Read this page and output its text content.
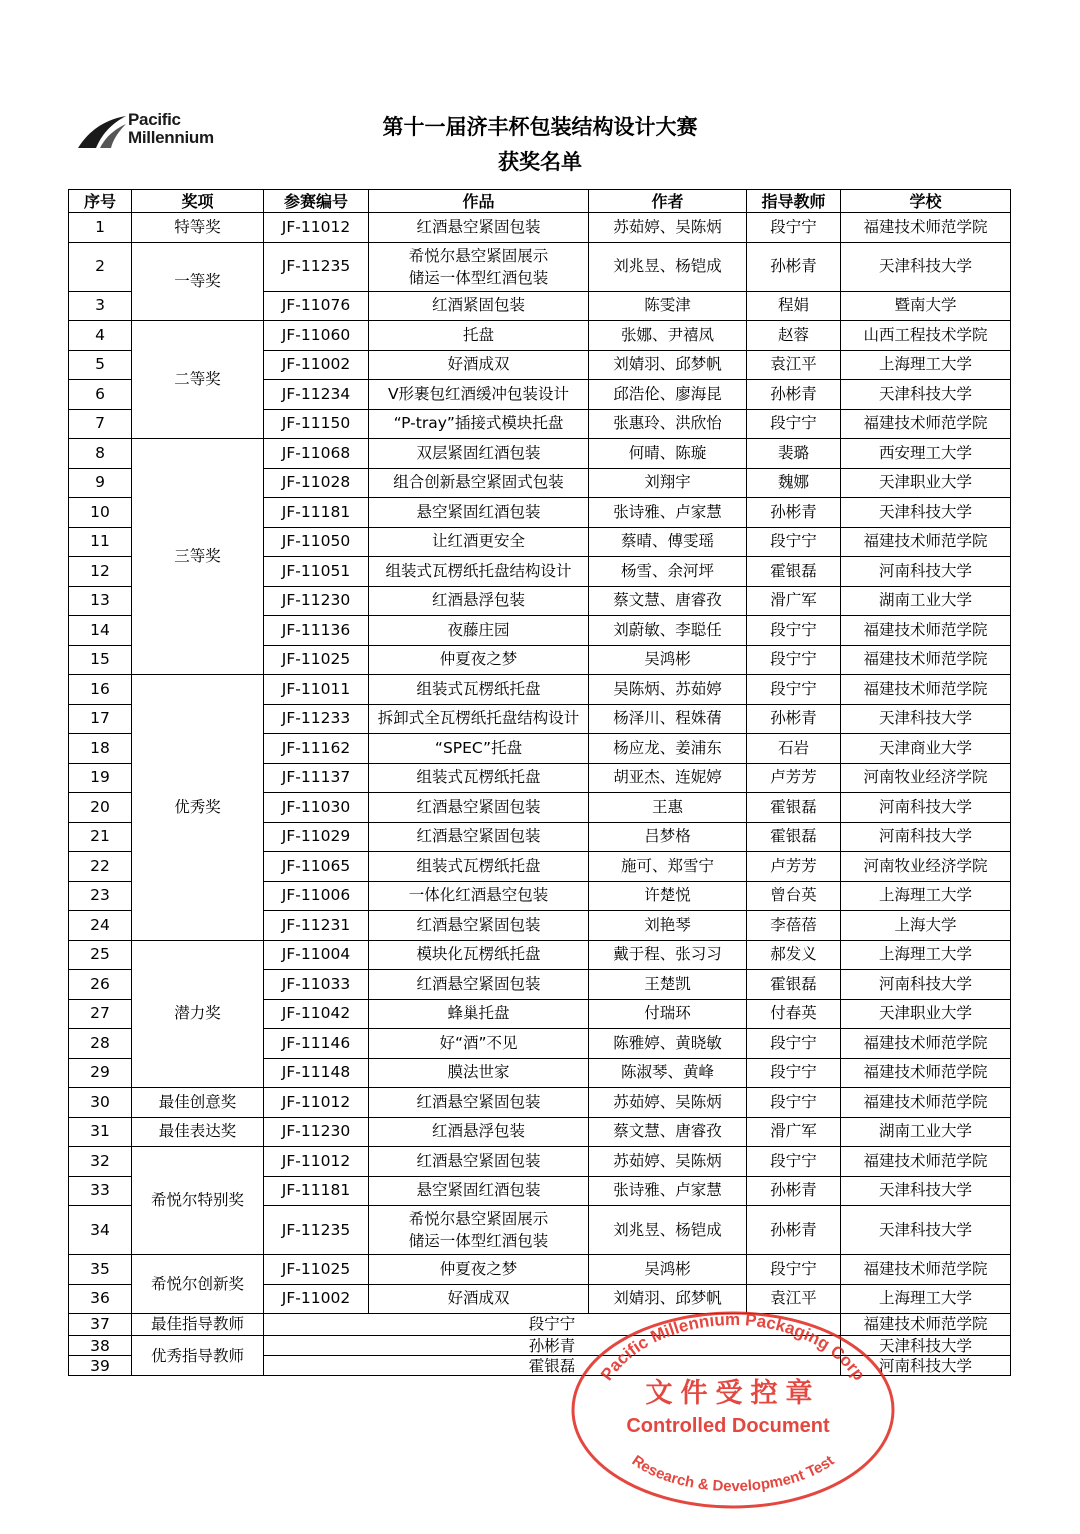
Pacific
Millennium	第十一届济丰杯包装结构设计大赛
获奖名单
序号	奖项	参赛编号	作品	作者	指导教师	学校
1	特等奖	JF-11012	红酒悬空紧固包装	苏茹婷、吴陈炳	段宁宁	福建技术师范学院
2	一等奖	JF-11235	希悦尔悬空紧固展示
储运一体型红酒包装	刘兆昱、杨铠成	孙彬青	天津科技大学
3		JF-11076	红酒紧固包装	陈雯津	程娟	暨南大学
4	二等奖	JF-11060	托盘	张娜、尹禧凤	赵蓉	山西工程技术学院
5		JF-11002	好酒成双	刘婧羽、邱梦帆	袁江平	上海理工大学
6		JF-11234	V形裹包红酒缓冲包装设计	邱浩伦、廖海昆	孙彬青	天津科技大学
7		JF-11150	“P-tray”插接式模块托盘	张惠玲、洪欣怡	段宁宁	福建技术师范学院
8	三等奖	JF-11068	双层紧固红酒包装	何晴、陈璇	裴璐	西安理工大学
9		JF-11028	组合创新悬空紧固式包装	刘翔宇	魏娜	天津职业大学
10		JF-11181	悬空紧固红酒包装	张诗雅、卢家慧	孙彬青	天津科技大学
11		JF-11050	让红酒更安全	蔡晴、傅雯瑶	段宁宁	福建技术师范学院
12		JF-11051	组装式瓦楞纸托盘结构设计	杨雪、余河坪	霍银磊	河南科技大学
13		JF-11230	红酒悬浮包装	蔡文慧、唐睿孜	滑广军	湖南工业大学
14		JF-11136	夜藤庄园	刘蔚敏、李聪任	段宁宁	福建技术师范学院
15		JF-11025	仲夏夜之梦	吴鸿彬	段宁宁	福建技术师范学院
16	优秀奖	JF-11011	组装式瓦楞纸托盘	吴陈炳、苏茹婷	段宁宁	福建技术师范学院
17		JF-11233	拆卸式全瓦楞纸托盘结构设计	杨泽川、程姝蒨	孙彬青	天津科技大学
18		JF-11162	“SPEC”托盘	杨应龙、姜浦东	石岩	天津商业大学
19		JF-11137	组装式瓦楞纸托盘	胡亚杰、连妮婷	卢芳芳	河南牧业经济学院
20		JF-11030	红酒悬空紧固包装	王惠	霍银磊	河南科技大学
21		JF-11029	红酒悬空紧固包装	吕梦格	霍银磊	河南科技大学
22		JF-11065	组装式瓦楞纸托盘	施可、郑雪宁	卢芳芳	河南牧业经济学院
23		JF-11006	一体化红酒悬空包装	许楚悦	曾台英	上海理工大学
24		JF-11231	红酒悬空紧固包装	刘艳琴	李蓓蓓	上海大学
25	潜力奖	JF-11004	模块化瓦楞纸托盘	戴于程、张习习	郝发义	上海理工大学
26		JF-11033	红酒悬空紧固包装	王楚凯	霍银磊	河南科技大学
27		JF-11042	蜂巢托盘	付瑞环	付春英	天津职业大学
28		JF-11146	好“酒”不见	陈雅婷、黄晓敏	段宁宁	福建技术师范学院
29		JF-11148	膜法世家	陈淑琴、黄峰	段宁宁	福建技术师范学院
30	最佳创意奖	JF-11012	红酒悬空紧固包装	苏茹婷、吴陈炳	段宁宁	福建技术师范学院
31	最佳表达奖	JF-11230	红酒悬浮包装	蔡文慧、唐睿孜	滑广军	湖南工业大学
32	希悦尔特别奖	JF-11012	红酒悬空紧固包装	苏茹婷、吴陈炳	段宁宁	福建技术师范学院
33		JF-11181	悬空紧固红酒包装	张诗雅、卢家慧	孙彬青	天津科技大学
34		JF-11235	希悦尔悬空紧固展示
储运一体型红酒包装	刘兆昱、杨铠成	孙彬青	天津科技大学
35	希悦尔创新奖	JF-11025	仲夏夜之梦	吴鸿彬	段宁宁	福建技术师范学院
36		JF-11002	好酒成双	刘婧羽、邱梦帆	袁江平	上海理工大学
37	最佳指导教师	段宁宁				福建技术师范学院
38	优秀指导教师	孙彬青				天津科技大学
39		霍银磊				河南科技大学
Pacific Millennium Packaging Corp
文件受控章
Controlled Document
Research & Development Test
